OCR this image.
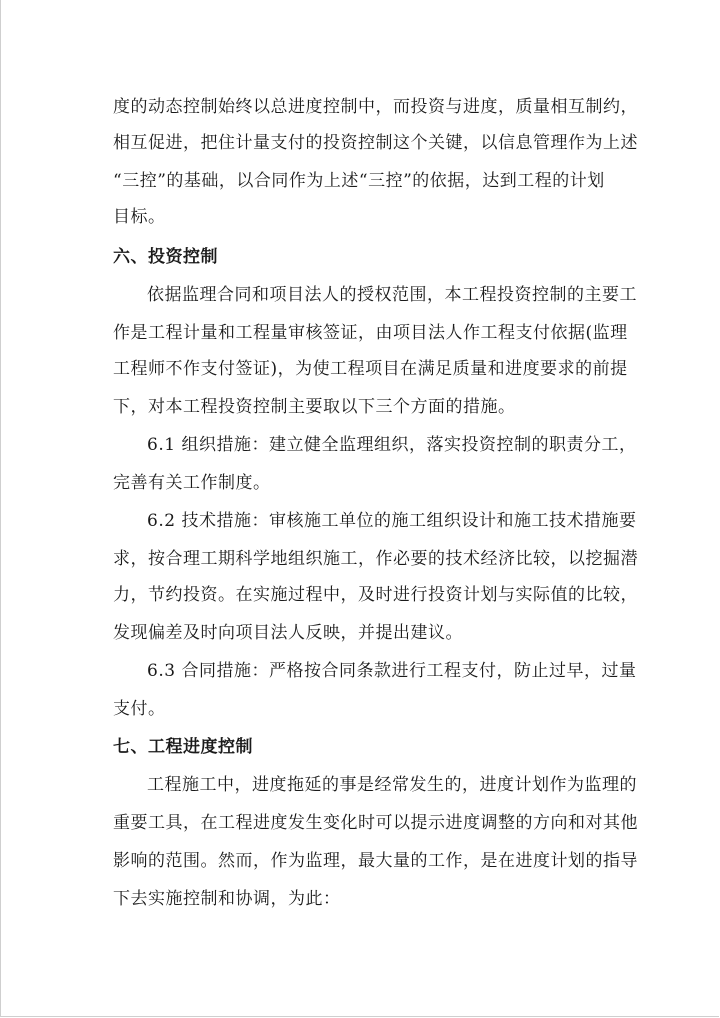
度的动态控制始终以总进度控制中，而投资与进度，质量相互制约，
相互促进，把住计量支付的投资控制这个关键，以信息管理作为上述
“三控”的基础，以合同作为上述“三控”的依据，达到工程的计划
目标。
六、投资控制
依据监理合同和项目法人的授权范围，本工程投资控制的主要工
作是工程计量和工程量审核签证，由项目法人作工程支付依据(监理
工程师不作支付签证)，为使工程项目在满足质量和进度要求的前提
下，对本工程投资控制主要取以下三个方面的措施。
6.1 组织措施：建立健全监理组织，落实投资控制的职责分工，
完善有关工作制度。
6.2 技术措施：审核施工单位的施工组织设计和施工技术措施要
求，按合理工期科学地组织施工，作必要的技术经济比较，以挖掘潜
力，节约投资。在实施过程中，及时进行投资计划与实际值的比较，
发现偏差及时向项目法人反映，并提出建议。
6.3 合同措施：严格按合同条款进行工程支付，防止过早，过量
支付。
七、工程进度控制
工程施工中，进度拖延的事是经常发生的，进度计划作为监理的
重要工具，在工程进度发生变化时可以提示进度调整的方向和对其他
影响的范围。然而，作为监理，最大量的工作，是在进度计划的指导
下去实施控制和协调，为此：
